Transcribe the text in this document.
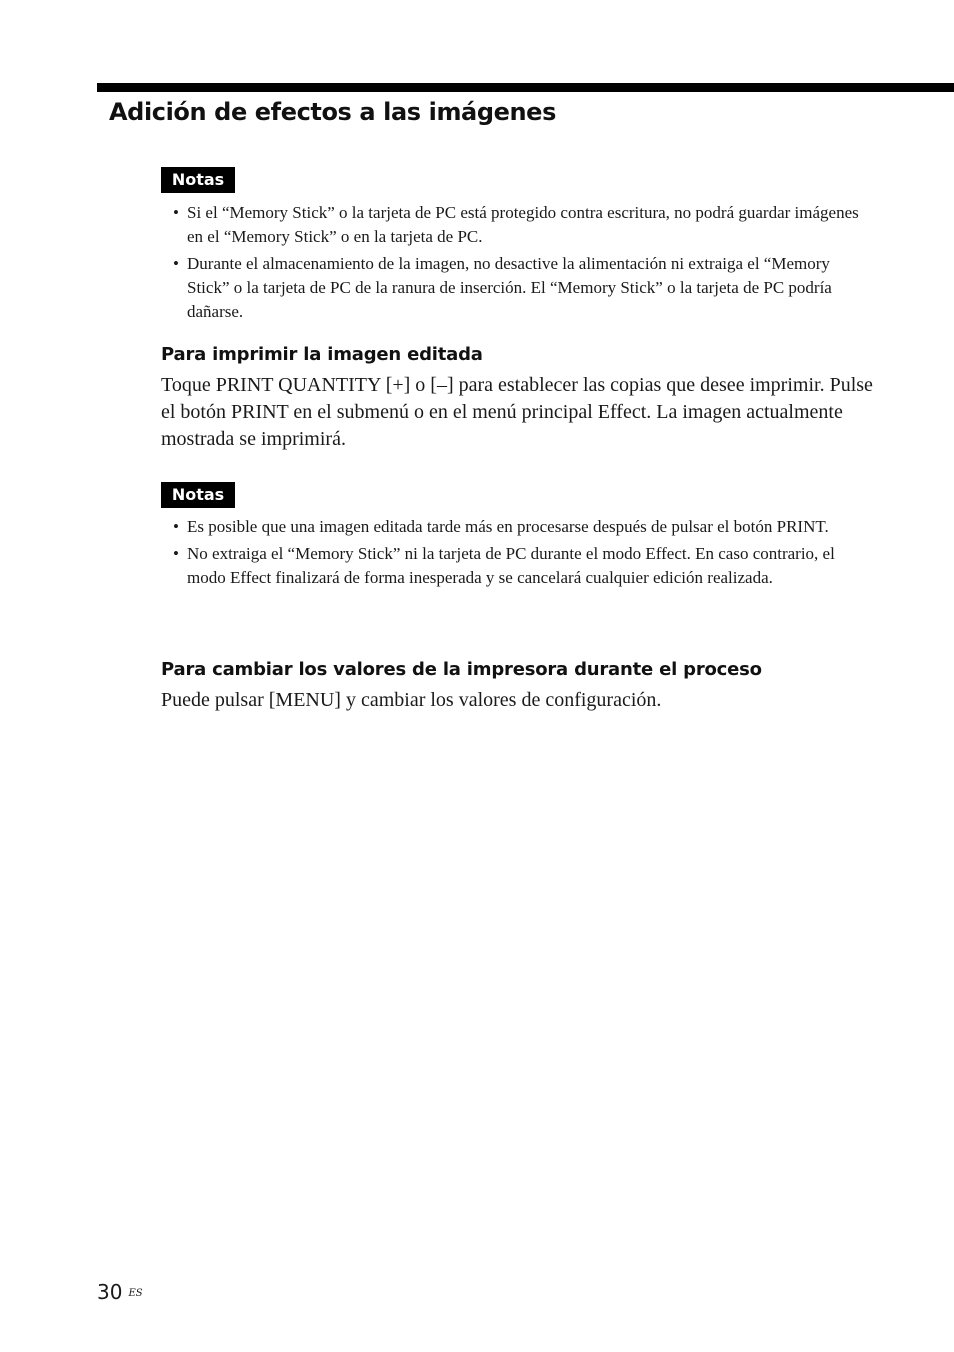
Adición de efectos a las imágenes
Notas
• Si el “Memory Stick” o la tarjeta de PC está protegido contra escritura, no podrá guardar imágenes en el “Memory Stick” o en la tarjeta de PC.
• Durante el almacenamiento de la imagen, no desactive la alimentación ni extraiga el “Memory Stick” o la tarjeta de PC de la ranura de inserción. El “Memory Stick” o la tarjeta de PC podría dañarse.
Para imprimir la imagen editada

Toque PRINT QUANTITY [+] o [–] para establecer las copias que desee imprimir. Pulse el botón PRINT en el submenú o en el menú principal Effect. La imagen actualmente mostrada se imprimirá.

Notas
• Es posible que una imagen editada tarde más en procesarse después de pulsar el botón PRINT.
• No extraiga el “Memory Stick” ni la tarjeta de PC durante el modo Effect. En caso contrario, el modo Effect finalizará de forma inesperada y se cancelará cualquier edición realizada.
Para cambiar los valores de la impresora durante el proceso

Puede pulsar [MENU] y cambiar los valores de configuración.

30 $^{ES}$
